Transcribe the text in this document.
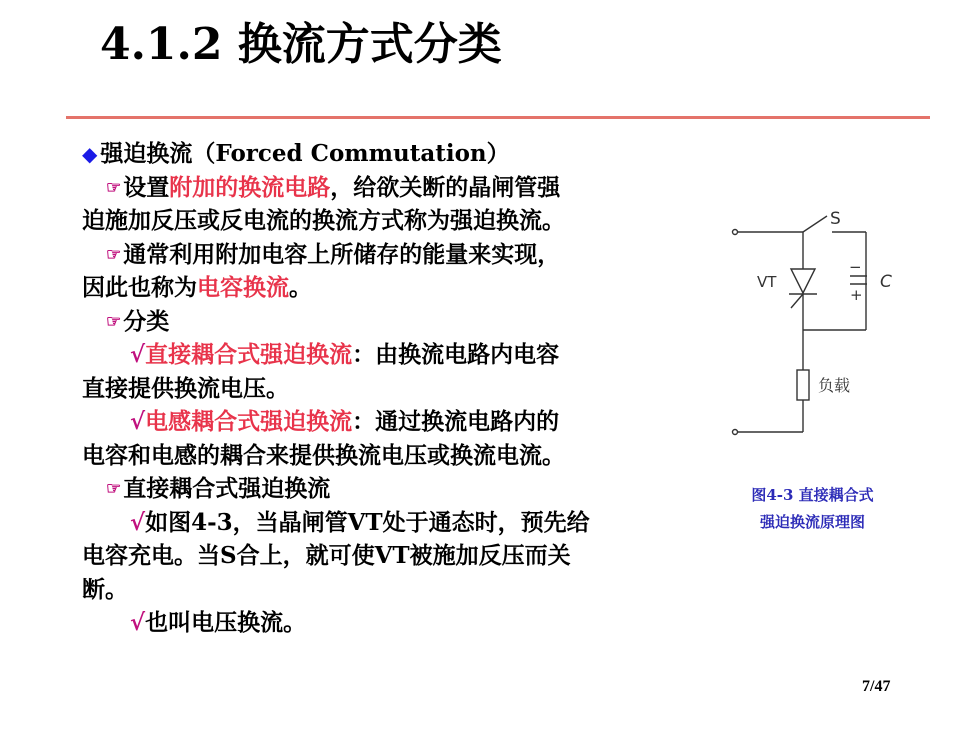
4.1.2 换流方式分类
◆ 强迫换流（Forced Commutation）
☞设置附加的换流电路，给欲关断的晶闸管强
迫施加反压或反电流的换流方式称为强迫换流。
☞通常利用附加电容上所储存的能量来实现，
因此也称为电容换流。
☞分类
√直接耦合式强迫换流：由换流电路内电容
直接提供换流电压。
√电感耦合式强迫换流：通过换流电路内的
电容和电感的耦合来提供换流电压或换流电流。
☞直接耦合式强迫换流
√如图4-3，当晶闸管VT处于通态时，预先给
电容充电。当S合上，就可使VT被施加反压而关
断。
√也叫电压换流。
S
VT	C
−
+
负载
图4-3 直接耦合式
强迫换流原理图
7/47
